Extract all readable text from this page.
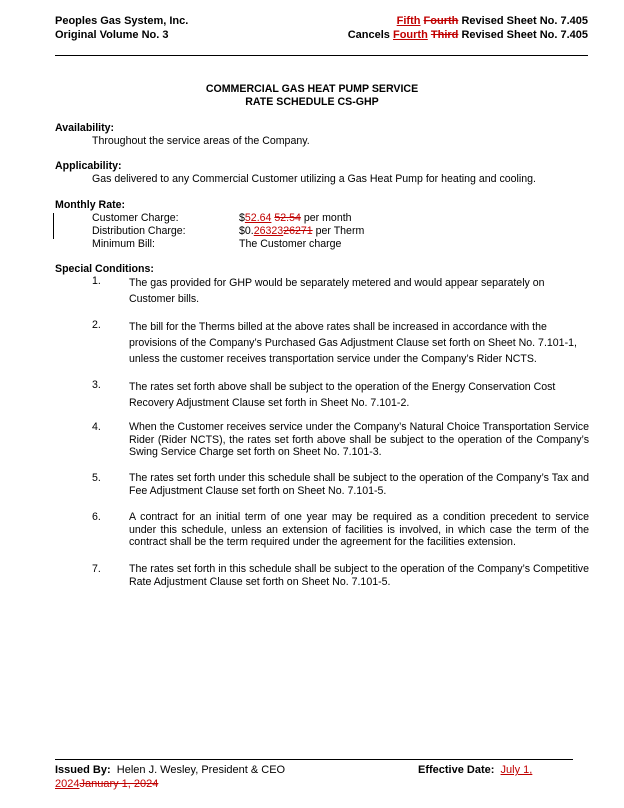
Peoples Gas System, Inc.
Original Volume No. 3
Fifth Fourth Revised Sheet No. 7.405
Cancels Fourth Third Revised Sheet No. 7.405
COMMERCIAL GAS HEAT PUMP SERVICE
RATE SCHEDULE CS-GHP
Availability:
Throughout the service areas of the Company.
Applicability:
Gas delivered to any Commercial Customer utilizing a Gas Heat Pump for heating and cooling.
Monthly Rate:
Customer Charge:	$52.64 52.54 per month
Distribution Charge:	$0.2632326271 per Therm
Minimum Bill:	The Customer charge
Special Conditions:
1.	The gas provided for GHP would be separately metered and would appear separately on Customer bills.
2.	The bill for the Therms billed at the above rates shall be increased in accordance with the provisions of the Company’s Purchased Gas Adjustment Clause set forth on Sheet No. 7.101-1, unless the customer receives transportation service under the Company’s Rider NCTS.
3.	The rates set forth above shall be subject to the operation of the Energy Conservation Cost Recovery Adjustment Clause set forth in Sheet No. 7.101-2.
4.	When the Customer receives service under the Company’s Natural Choice Transportation Service Rider (Rider NCTS), the rates set forth above shall be subject to the operation of the Company’s Swing Service Charge set forth on Sheet No. 7.101-3.
5.	The rates set forth under this schedule shall be subject to the operation of the Company’s Tax and Fee Adjustment Clause set forth on Sheet No. 7.101-5.
6.	A contract for an initial term of one year may be required as a condition precedent to service under this schedule, unless an extension of facilities is involved, in which case the term of the contract shall be the term required under the agreement for the facilities extension.
7.	The rates set forth in this schedule shall be subject to the operation of the Company’s Competitive Rate Adjustment Clause set forth on Sheet No. 7.101-5.
Issued By: Helen J. Wesley, President & CEO	Effective Date: July 1,
2024January 1, 2024
